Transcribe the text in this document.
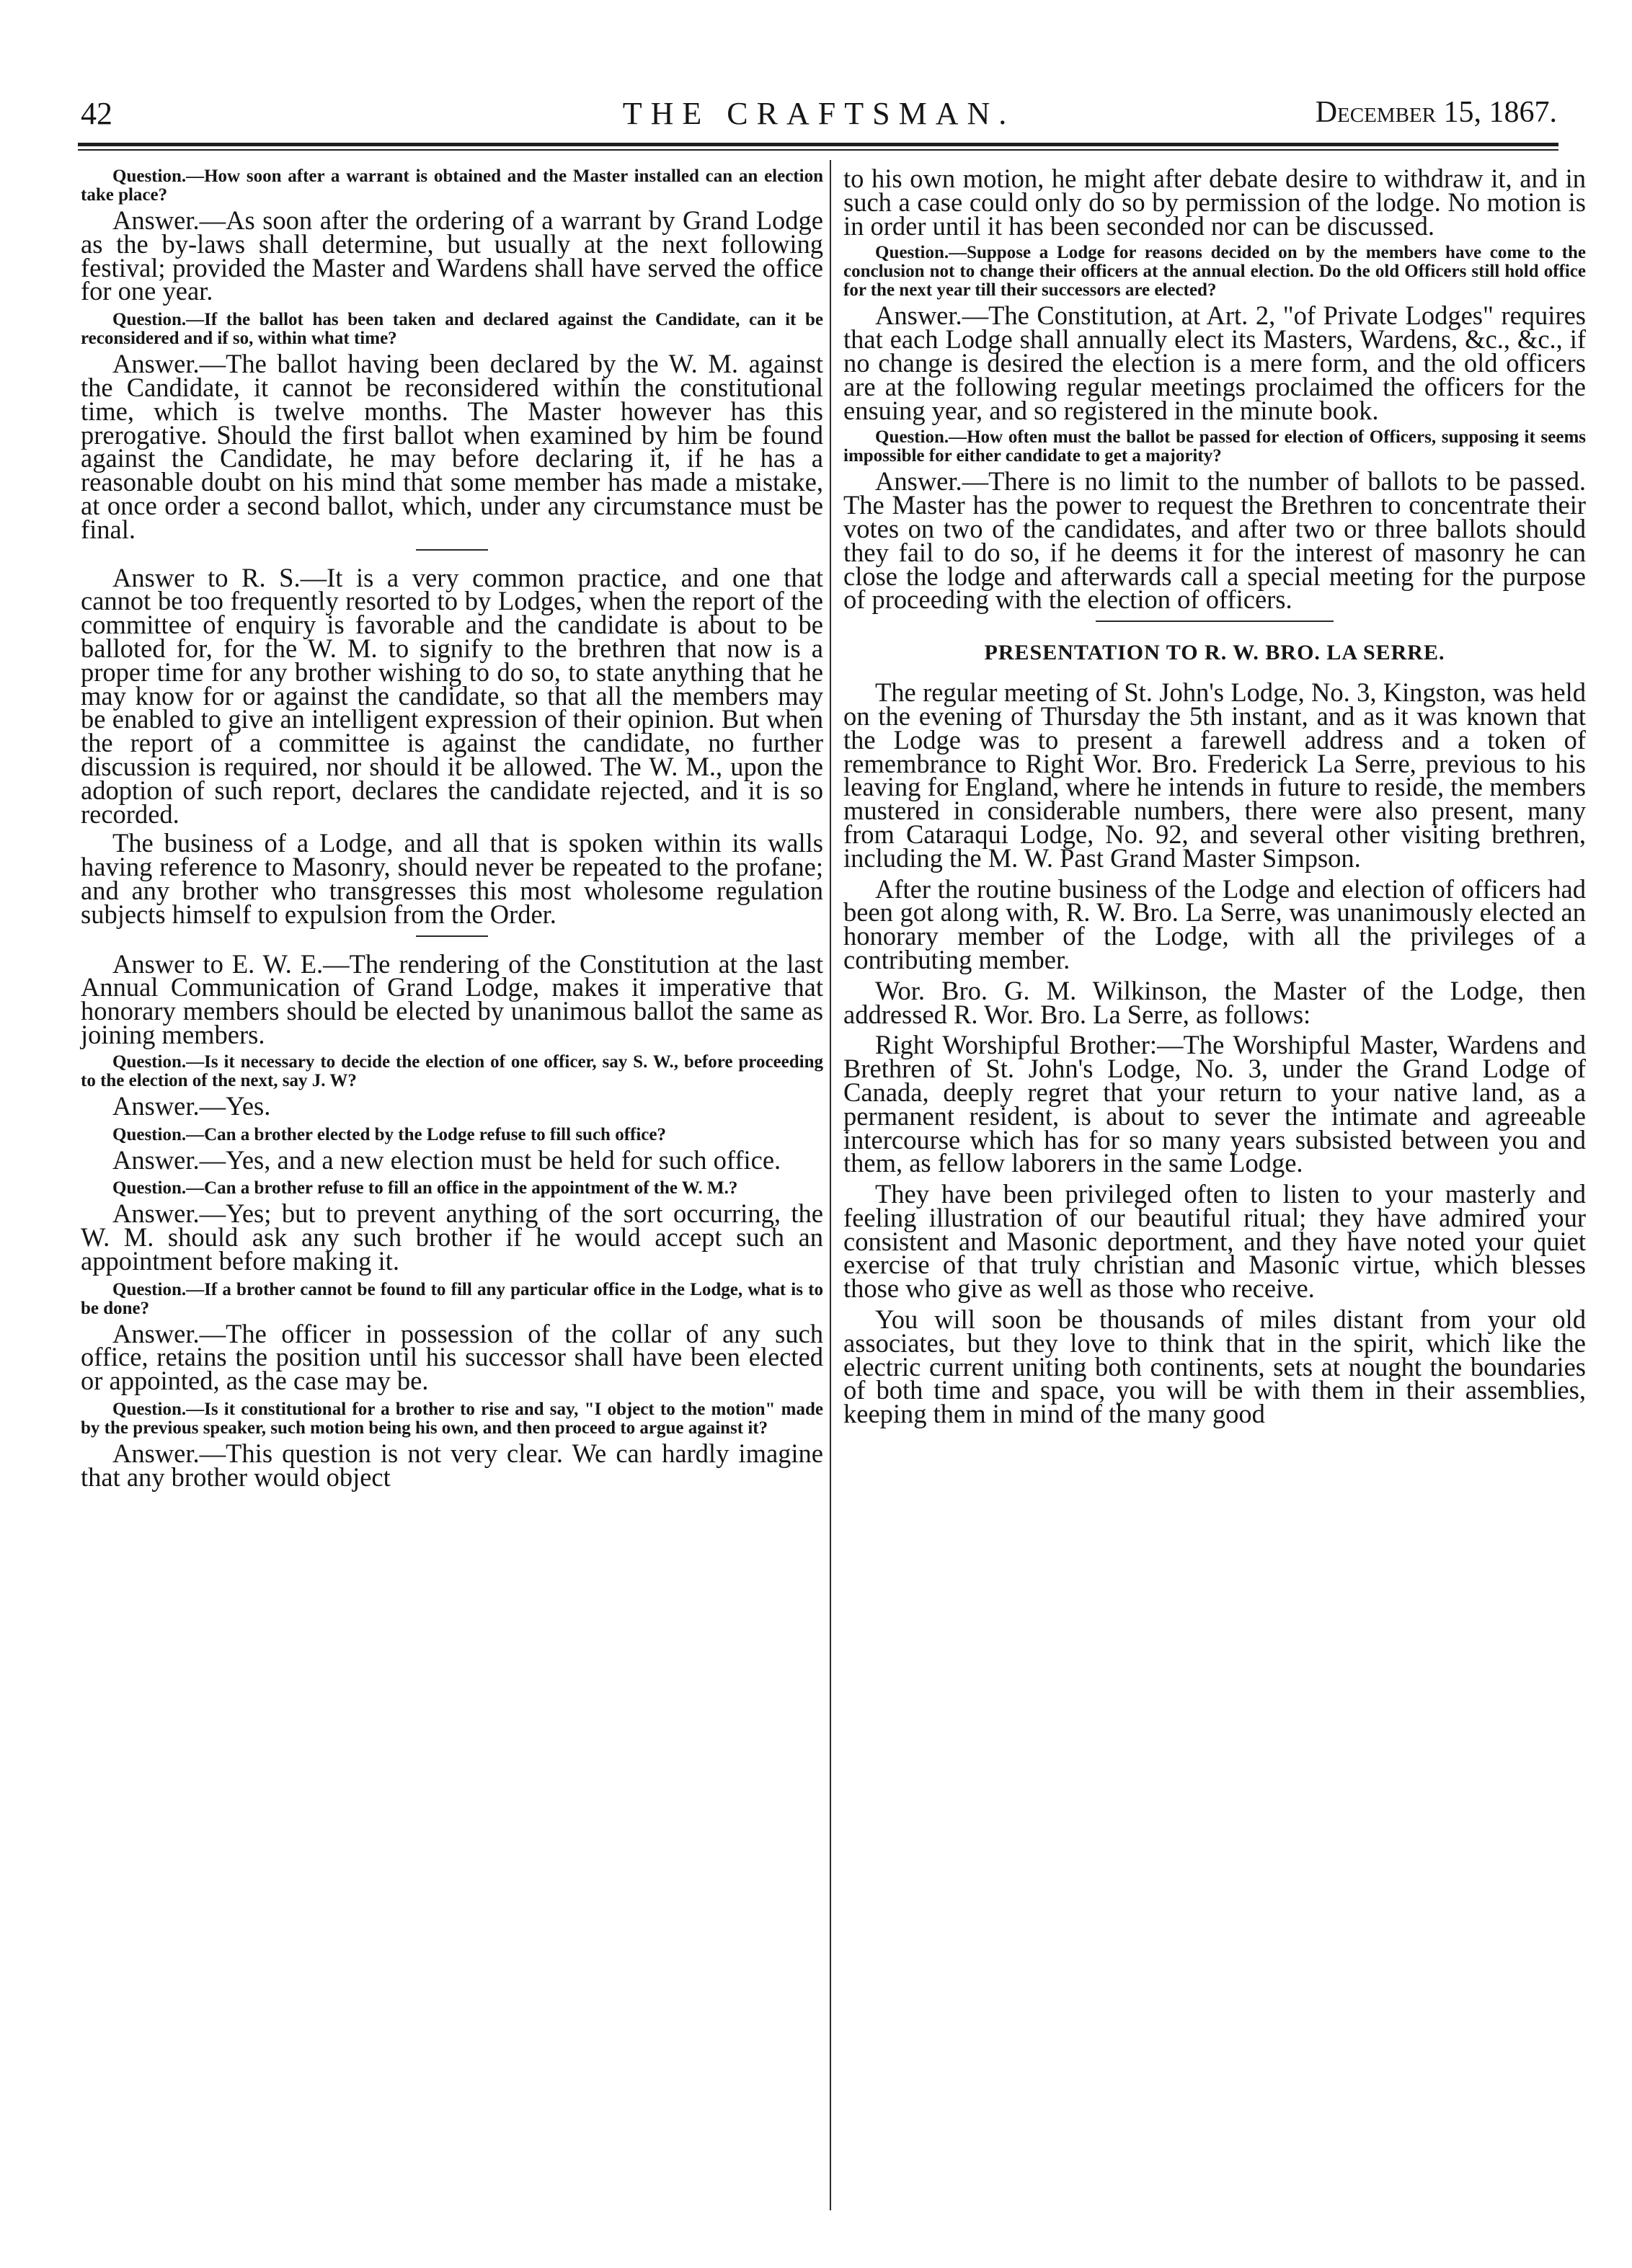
42	THE CRAFTSMAN.	December 15, 1867.

Question.—How soon after a warrant is obtained and the Master installed can an election take place?

Answer.—As soon after the ordering of a warrant by Grand Lodge as the by-laws shall determine, but usually at the next following festival; provided the Master and Wardens shall have served the office for one year.

Question.—If the ballot has been taken and declared against the Candidate, can it be reconsidered and if so, within what time?

Answer.—The ballot having been declared by the W. M. against the Candidate, it cannot be reconsidered within the constitutional time, which is twelve months. The Master however has this prerogative. Should the first ballot when examined by him be found against the Candidate, he may before declaring it, if he has a reasonable doubt on his mind that some member has made a mistake, at once order a second ballot, which, under any circumstance must be final.

Answer to R. S.—It is a very common practice, and one that cannot be too frequently resorted to by Lodges, when the report of the committee of enquiry is favorable and the candidate is about to be balloted for, for the W. M. to signify to the brethren that now is a proper time for any brother wishing to do so, to state anything that he may know for or against the candidate, so that all the members may be enabled to give an intelligent expression of their opinion. But when the report of a committee is against the candidate, no further discussion is required, nor should it be allowed. The W. M., upon the adoption of such report, declares the candidate rejected, and it is so recorded.

The business of a Lodge, and all that is spoken within its walls having reference to Masonry, should never be repeated to the profane; and any brother who transgresses this most wholesome regulation subjects himself to expulsion from the Order.

Answer to E. W. E.—The rendering of the Constitution at the last Annual Communication of Grand Lodge, makes it imperative that honorary members should be elected by unanimous ballot the same as joining members.

Question.—Is it necessary to decide the election of one officer, say S. W., before proceeding to the election of the next, say J. W?

Answer.—Yes.

Question.—Can a brother elected by the Lodge refuse to fill such office?

Answer.—Yes, and a new election must be held for such office.

Question.—Can a brother refuse to fill an office in the appointment of the W. M.?

Answer.—Yes; but to prevent anything of the sort occurring, the W. M. should ask any such brother if he would accept such an appointment before making it.

Question.—If a brother cannot be found to fill any particular office in the Lodge, what is to be done?

Answer.—The officer in possession of the collar of any such office, retains the position until his successor shall have been elected or appointed, as the case may be.

Question.—Is it constitutional for a brother to rise and say, "I object to the motion" made by the previous speaker, such motion being his own, and then proceed to argue against it?

Answer.—This question is not very clear. We can hardly imagine that any brother would object

to his own motion, he might after debate desire to withdraw it, and in such a case could only do so by permission of the lodge. No motion is in order until it has been seconded nor can be discussed.

Question.—Suppose a Lodge for reasons decided on by the members have come to the conclusion not to change their officers at the annual election. Do the old Officers still hold office for the next year till their successors are elected?

Answer.—The Constitution, at Art. 2, "of Private Lodges" requires that each Lodge shall annually elect its Masters, Wardens, &c., &c., if no change is desired the election is a mere form, and the old officers are at the following regular meetings proclaimed the officers for the ensuing year, and so registered in the minute book.

Question.—How often must the ballot be passed for election of Officers, supposing it seems impossible for either candidate to get a majority?

Answer.—There is no limit to the number of ballots to be passed. The Master has the power to request the Brethren to concentrate their votes on two of the candidates, and after two or three ballots should they fail to do so, if he deems it for the interest of masonry he can close the lodge and afterwards call a special meeting for the purpose of proceeding with the election of officers.

PRESENTATION TO R. W. BRO. LA SERRE.

The regular meeting of St. John's Lodge, No. 3, Kingston, was held on the evening of Thursday the 5th instant, and as it was known that the Lodge was to present a farewell address and a token of remembrance to Right Wor. Bro. Frederick La Serre, previous to his leaving for England, where he intends in future to reside, the members mustered in considerable numbers, there were also present, many from Cataraqui Lodge, No. 92, and several other visiting brethren, including the M. W. Past Grand Master Simpson.

After the routine business of the Lodge and election of officers had been got along with, R. W. Bro. La Serre, was unanimously elected an honorary member of the Lodge, with all the privileges of a contributing member.

Wor. Bro. G. M. Wilkinson, the Master of the Lodge, then addressed R. Wor. Bro. La Serre, as follows:

Right Worshipful Brother:—The Worshipful Master, Wardens and Brethren of St. John's Lodge, No. 3, under the Grand Lodge of Canada, deeply regret that your return to your native land, as a permanent resident, is about to sever the intimate and agreeable intercourse which has for so many years subsisted between you and them, as fellow laborers in the same Lodge.

They have been privileged often to listen to your masterly and feeling illustration of our beautiful ritual; they have admired your consistent and Masonic deportment, and they have noted your quiet exercise of that truly christian and Masonic virtue, which blesses those who give as well as those who receive.

You will soon be thousands of miles distant from your old associates, but they love to think that in the spirit, which like the electric current uniting both continents, sets at nought the boundaries of both time and space, you will be with them in their assemblies, keeping them in mind of the many good
